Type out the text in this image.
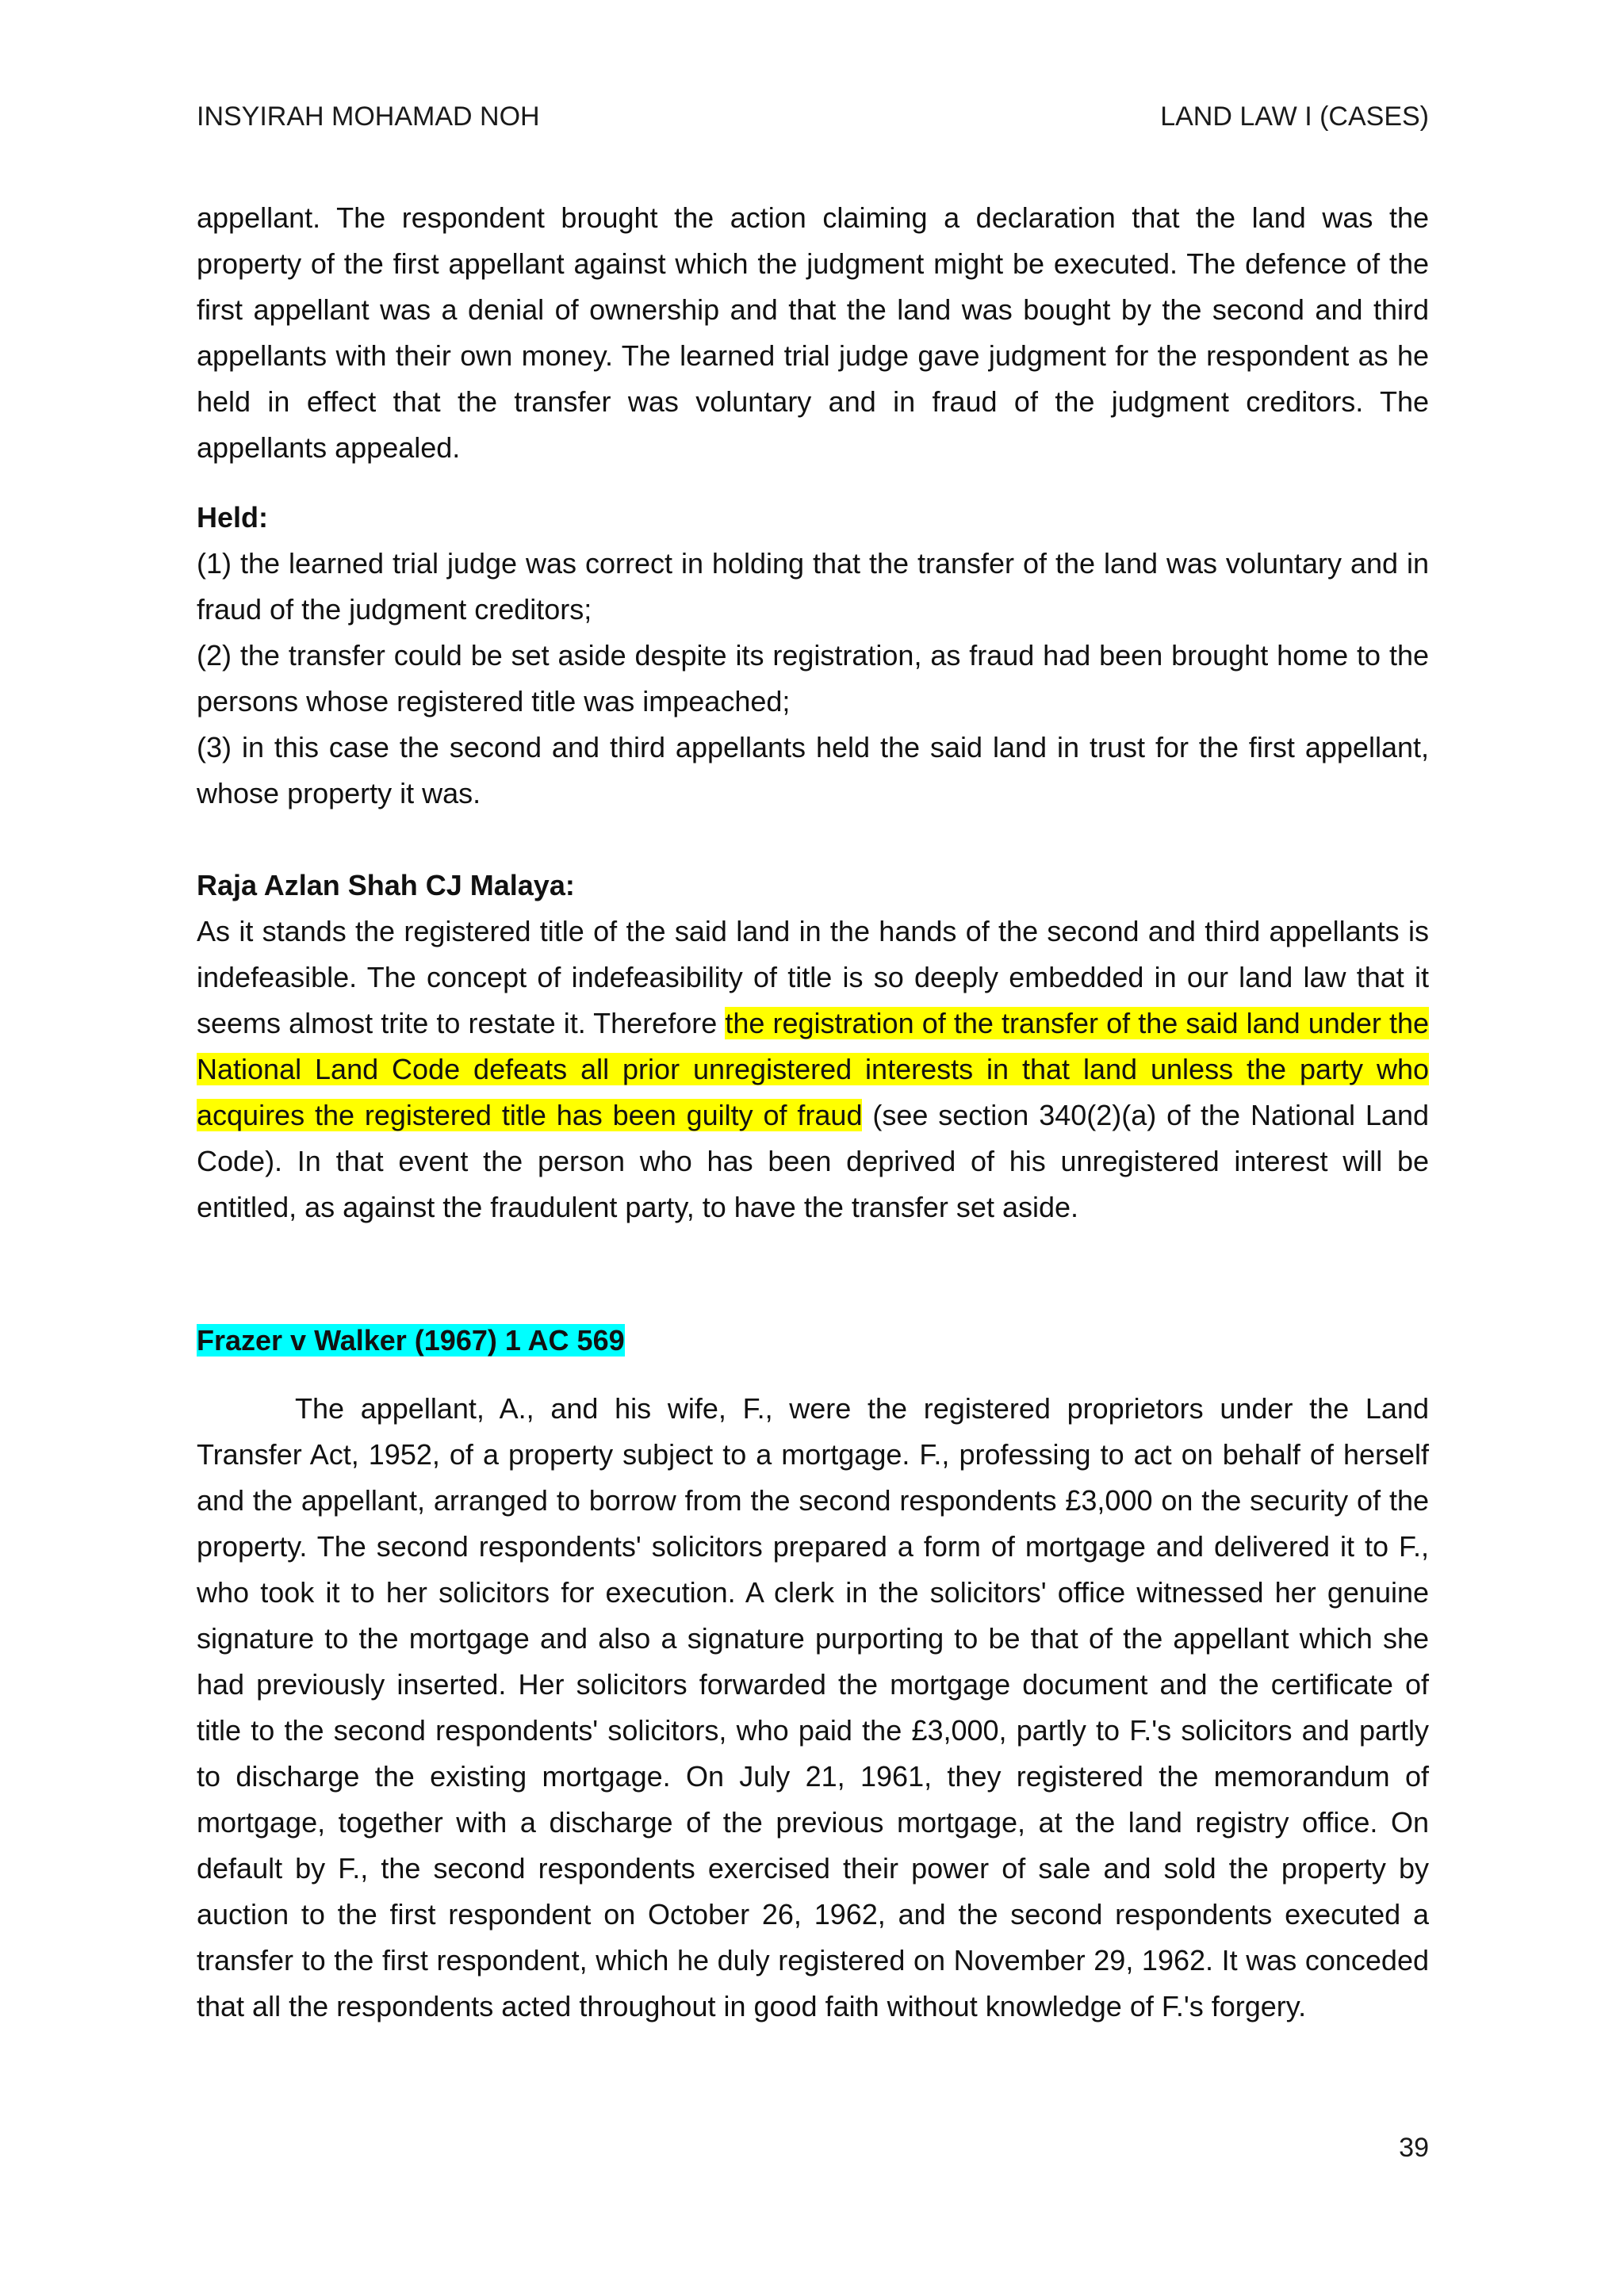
INSYIRAH MOHAMAD NOH	LAND LAW I (CASES)

appellant. The respondent brought the action claiming a declaration that the land was the property of the first appellant against which the judgment might be executed. The defence of the first appellant was a denial of ownership and that the land was bought by the second and third appellants with their own money. The learned trial judge gave judgment for the respondent as he held in effect that the transfer was voluntary and in fraud of the judgment creditors. The appellants appealed.

Held:

(1) the learned trial judge was correct in holding that the transfer of the land was voluntary and in fraud of the judgment creditors;

(2) the transfer could be set aside despite its registration, as fraud had been brought home to the persons whose registered title was impeached;

(3) in this case the second and third appellants held the said land in trust for the first appellant, whose property it was.

Raja Azlan Shah CJ Malaya:

As it stands the registered title of the said land in the hands of the second and third appellants is indefeasible. The concept of indefeasibility of title is so deeply embedded in our land law that it seems almost trite to restate it. Therefore the registration of the transfer of the said land under the National Land Code defeats all prior unregistered interests in that land unless the party who acquires the registered title has been guilty of fraud (see section 340(2)(a) of the National Land Code). In that event the person who has been deprived of his unregistered interest will be entitled, as against the fraudulent party, to have the transfer set aside.

Frazer v Walker (1967) 1 AC 569

The appellant, A., and his wife, F., were the registered proprietors under the Land Transfer Act, 1952, of a property subject to a mortgage. F., professing to act on behalf of herself and the appellant, arranged to borrow from the second respondents £3,000 on the security of the property. The second respondents' solicitors prepared a form of mortgage and delivered it to F., who took it to her solicitors for execution. A clerk in the solicitors' office witnessed her genuine signature to the mortgage and also a signature purporting to be that of the appellant which she had previously inserted. Her solicitors forwarded the mortgage document and the certificate of title to the second respondents' solicitors, who paid the £3,000, partly to F.'s solicitors and partly to discharge the existing mortgage. On July 21, 1961, they registered the memorandum of mortgage, together with a discharge of the previous mortgage, at the land registry office. On default by F., the second respondents exercised their power of sale and sold the property by auction to the first respondent on October 26, 1962, and the second respondents executed a transfer to the first respondent, which he duly registered on November 29, 1962. It was conceded that all the respondents acted throughout in good faith without knowledge of F.'s forgery.

39
